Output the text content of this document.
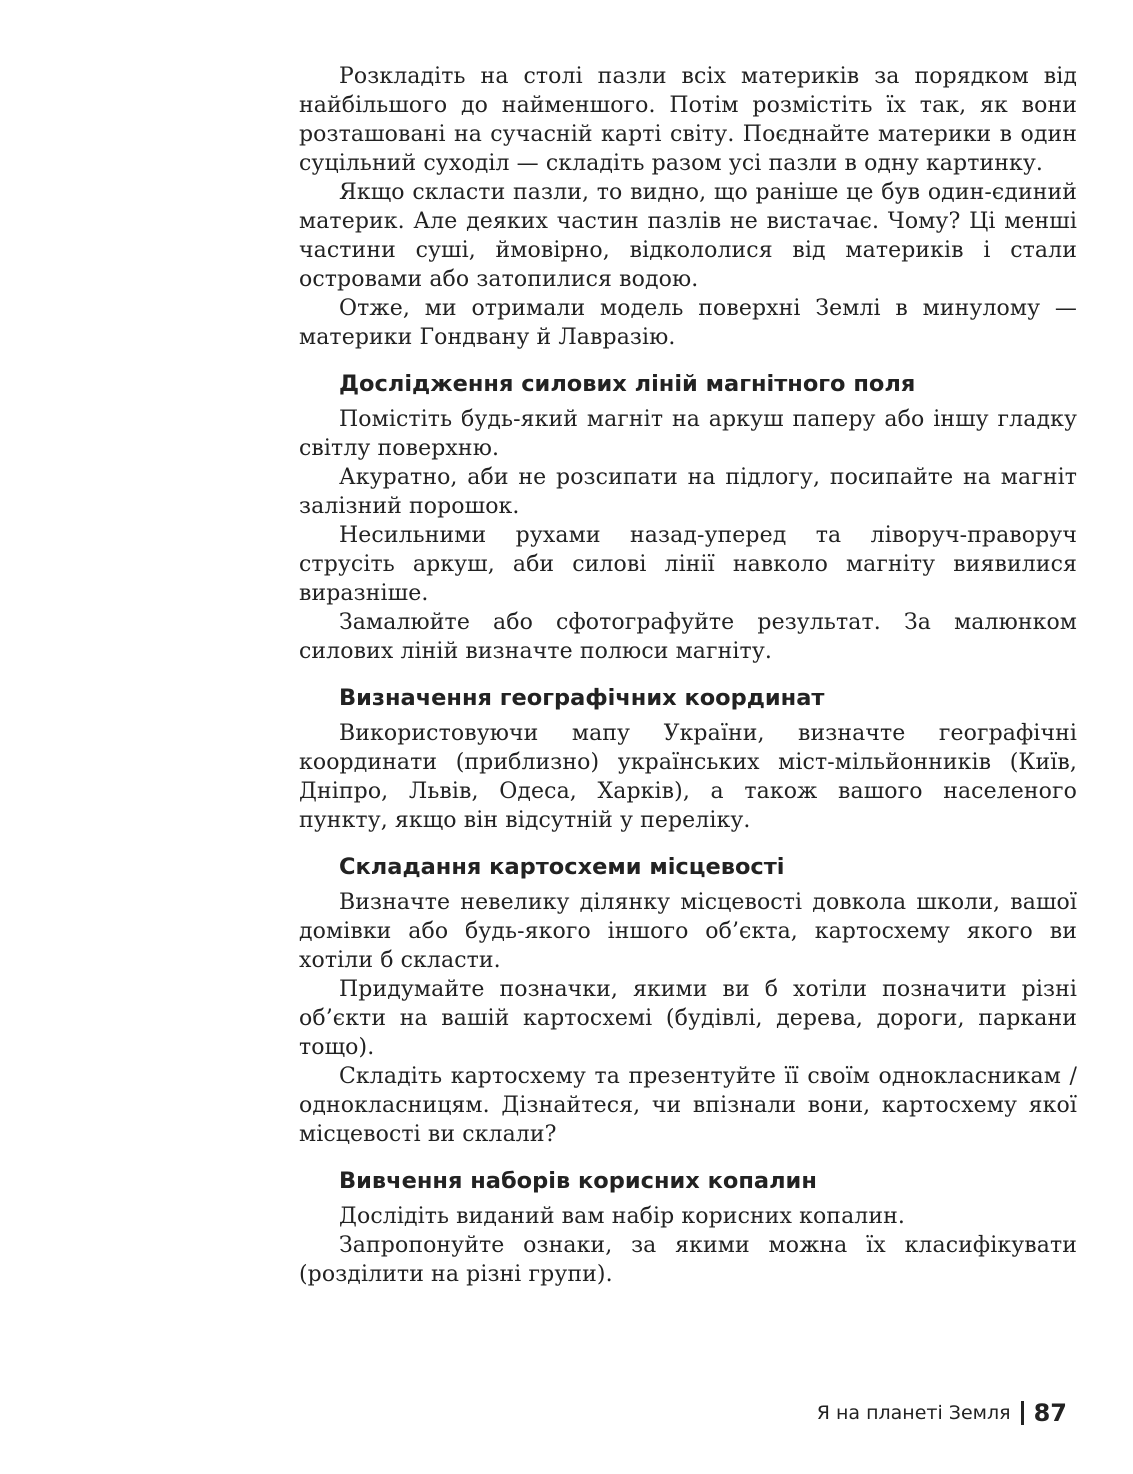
Розкладіть на столі пазли всіх материків за порядком від найбільшого до найменшого. Потім розмістіть їх так, як вони розташовані на сучасній карті світу. Поєднайте материки в один суцільний суходіл — складіть разом усі пазли в одну картинку.

Якщо скласти пазли, то видно, що раніше це був один-єдиний материк. Але деяких частин пазлів не вистачає. Чому? Ці менші частини суші, ймовірно, відкололися від материків і стали островами або затопилися водою.

Отже, ми отримали модель поверхні Землі в минулому — материки Гондвану й Лавразію.

Дослідження силових ліній магнітного поля

Помістіть будь-який магніт на аркуш паперу або іншу гладку світлу поверхню.

Акуратно, аби не розсипати на підлогу, посипайте на магніт залізний порошок.

Несильними рухами назад-уперед та ліворуч-праворуч струсіть аркуш, аби силові лінії навколо магніту виявилися виразніше.

Замалюйте або сфотографуйте результат. За малюнком силових ліній визначте полюси магніту.

Визначення географічних координат

Використовуючи мапу України, визначте географічні координати (приблизно) українських міст-мільйонників (Київ, Дніпро, Львів, Одеса, Харків), а також вашого населеного пункту, якщо він відсутній у переліку.

Складання картосхеми місцевості

Визначте невелику ділянку місцевості довкола школи, вашої домівки або будь-якого іншого об’єкта, картосхему якого ви хотіли б скласти.

Придумайте позначки, якими ви б хотіли позначити різні об’єкти на вашій картосхемі (будівлі, дерева, дороги, паркани тощо).

Складіть картосхему та презентуйте її своїм однокласникам / однокласницям. Дізнайтеся, чи впізнали вони, картосхему якої місцевості ви склали?

Вивчення наборів корисних копалин

Дослідіть виданий вам набір корисних копалин.

Запропонуйте ознаки, за якими можна їх класифікувати (розділити на різні групи).

Я на планеті Земля 87
